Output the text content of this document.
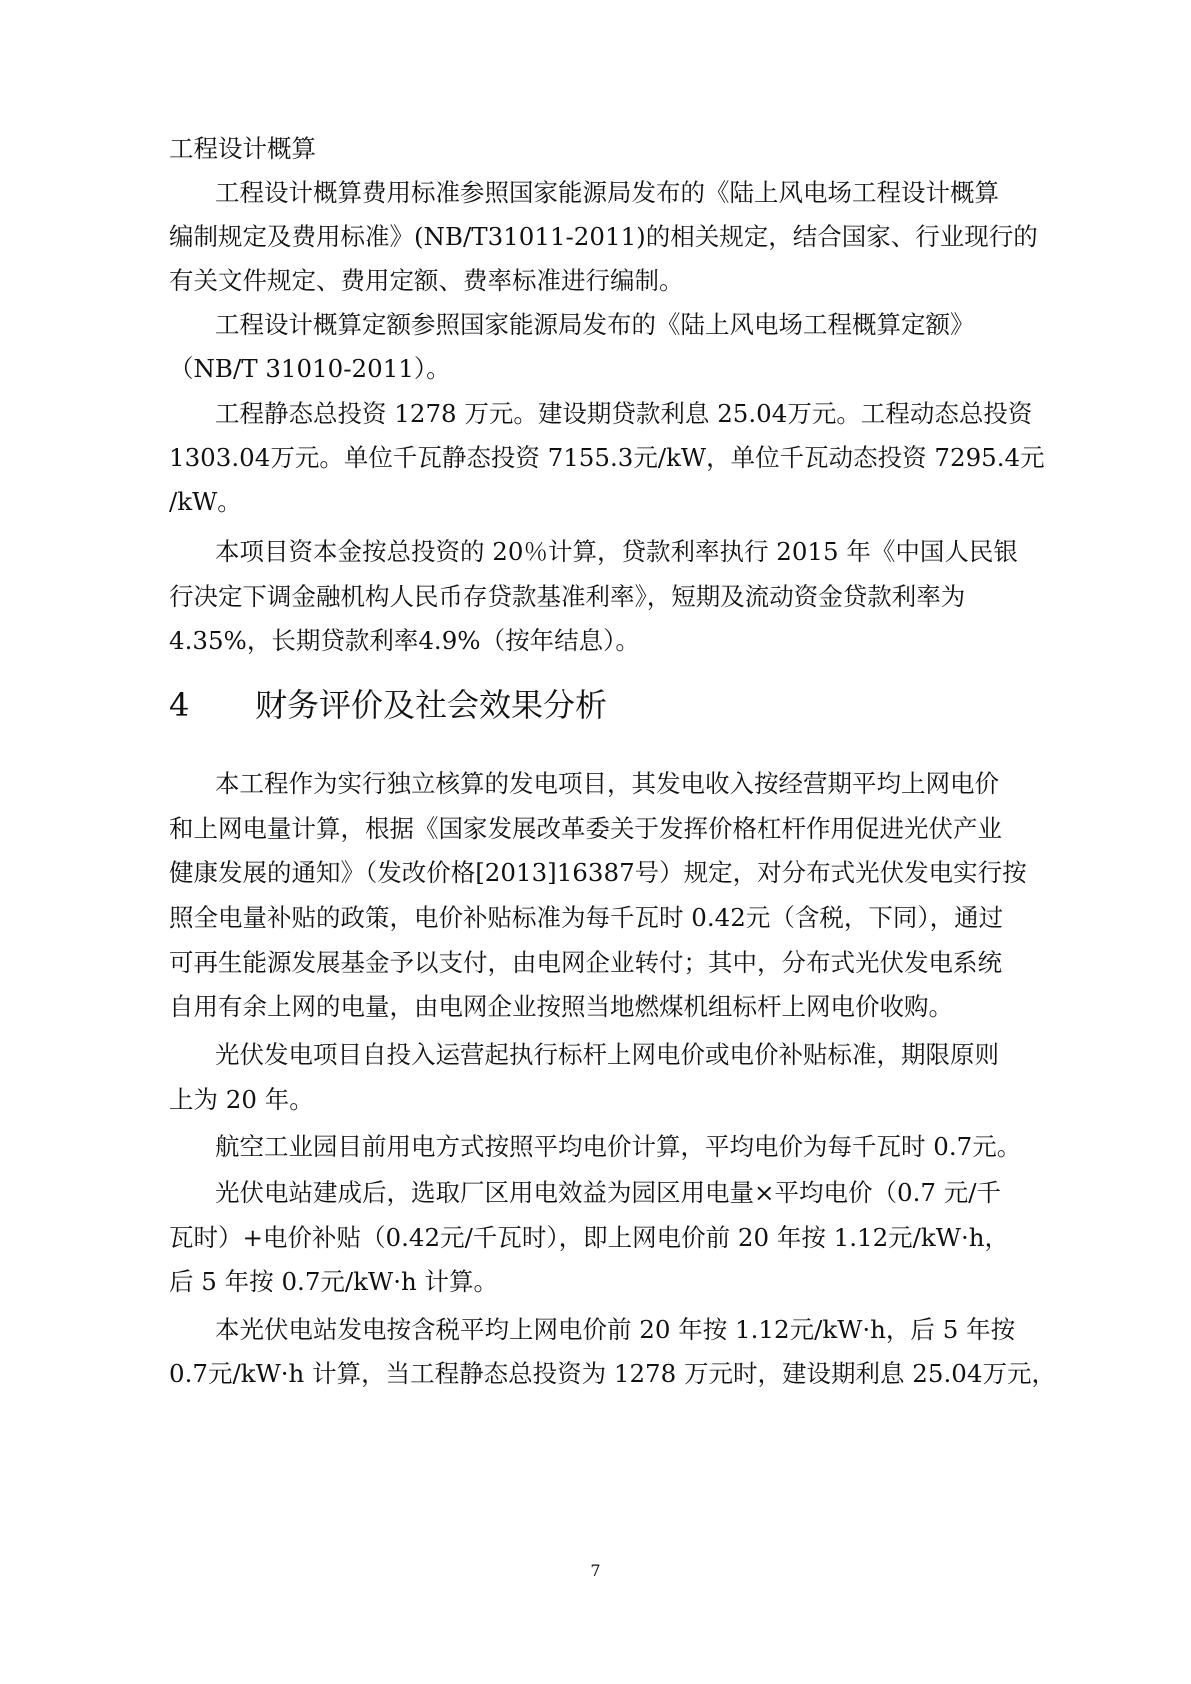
工程设计概算
工程设计概算费用标准参照国家能源局发布的《陆上风电场工程设计概算
编制规定及费用标准》(NB/T31011-2011)的相关规定，结合国家、行业现行的
有关文件规定、费用定额、费率标准进行编制。
工程设计概算定额参照国家能源局发布的《陆上风电场工程概算定额》
（NB/T 31010-2011）。
工程静态总投资 1278 万元。建设期贷款利息 25.04万元。工程动态总投资
1303.04万元。单位千瓦静态投资 7155.3元/kW，单位千瓦动态投资 7295.4元
/kW。
本项目资本金按总投资的 20％计算，贷款利率执行 2015 年《中国人民银
行决定下调金融机构人民币存贷款基准利率》，短期及流动资金贷款利率为
4.35%，长期贷款利率4.9%（按年结息）。
4 财务评价及社会效果分析
本工程作为实行独立核算的发电项目，其发电收入按经营期平均上网电价
和上网电量计算，根据《国家发展改革委关于发挥价格杠杆作用促进光伏产业
健康发展的通知》（发改价格[2013]16387号）规定，对分布式光伏发电实行按
照全电量补贴的政策，电价补贴标准为每千瓦时 0.42元（含税，下同），通过
可再生能源发展基金予以支付，由电网企业转付；其中，分布式光伏发电系统
自用有余上网的电量，由电网企业按照当地燃煤机组标杆上网电价收购。
光伏发电项目自投入运营起执行标杆上网电价或电价补贴标准，期限原则
上为 20 年。
航空工业园目前用电方式按照平均电价计算，平均电价为每千瓦时 0.7元。
光伏电站建成后，选取厂区用电效益为园区用电量×平均电价（0.7 元/千
瓦时）+电价补贴（0.42元/千瓦时），即上网电价前 20 年按 1.12元/kW·h，
后 5 年按 0.7元/kW·h 计算。
本光伏电站发电按含税平均上网电价前 20 年按 1.12元/kW·h，后 5 年按
0.7元/kW·h 计算，当工程静态总投资为 1278 万元时，建设期利息 25.04万元，
7
